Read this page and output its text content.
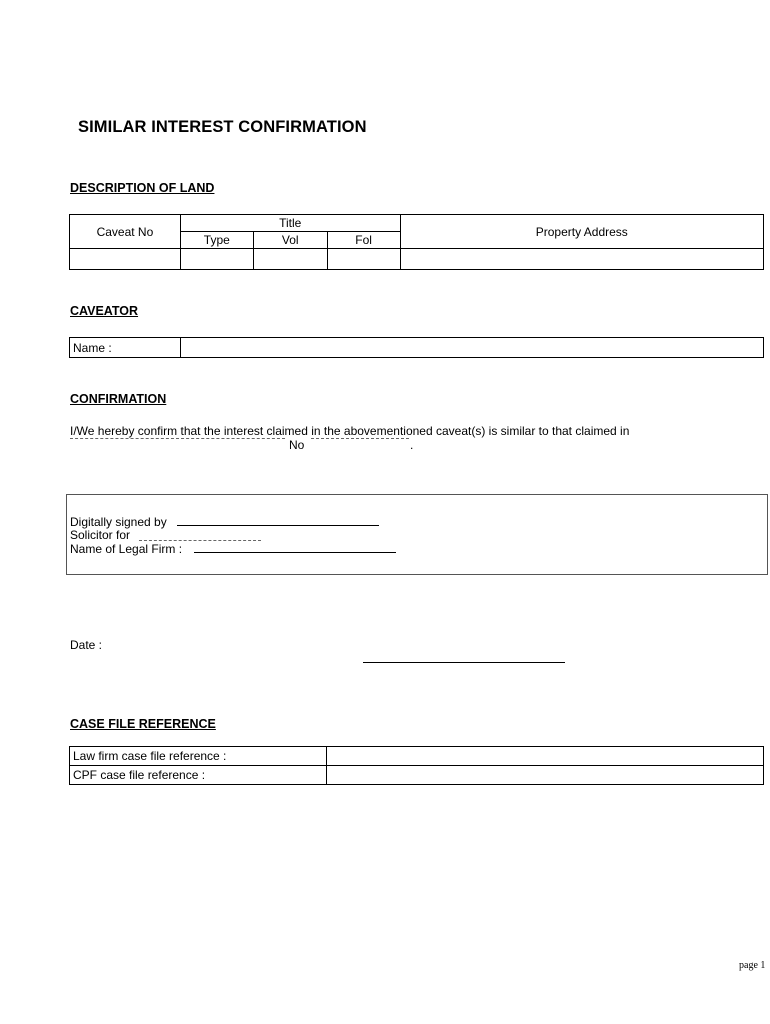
SIMILAR INTEREST CONFIRMATION
DESCRIPTION OF LAND
Caveat No	Title			Property Address
	Type	Vol	Fol	

CAVEATOR
Name :	
CONFIRMATION
I/We hereby confirm that the interest claimed in the abovementioned caveat(s) is similar to that claimed in
No	.
Digitally signed by
Solicitor for
Name of Legal Firm :
Date :
CASE FILE REFERENCE
Law firm case file reference :	
CPF case file reference :	
page 1
